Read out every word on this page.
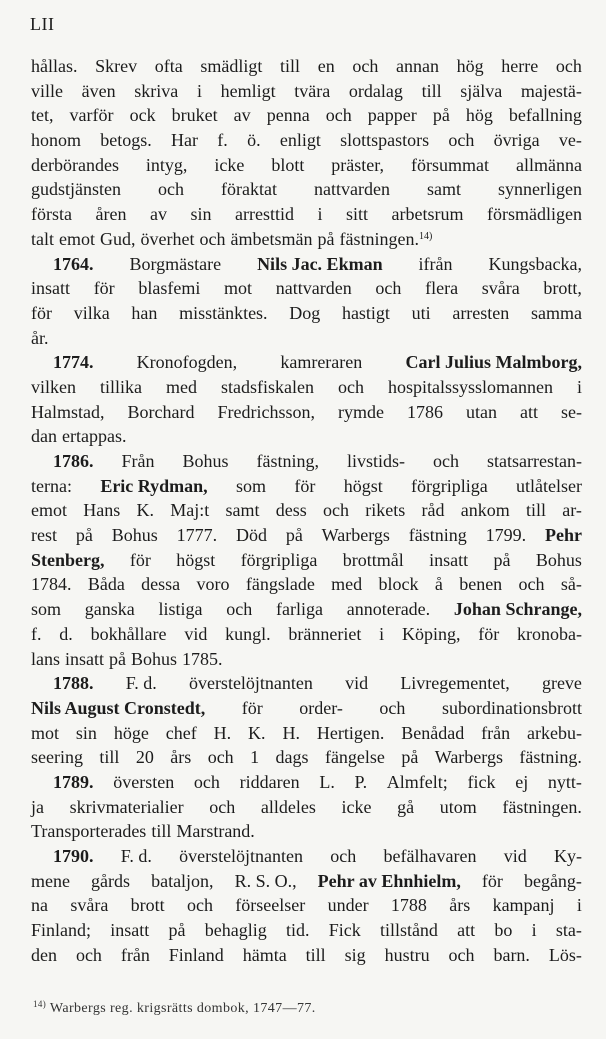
LII
hållas. Skrev ofta smädligt till en och annan hög herre och
ville även skriva i hemligt tvära ordalag till själva majestä-
tet, varför ock bruket av penna och papper på hög befallning
honom betogs. Har f. ö. enligt slottspastors och övriga ve-
derbörandes intyg, icke blott präster, försummat allmänna
gudstjänsten och föraktat nattvarden samt synnerligen
första åren av sin arresttid i sitt arbetsrum försmädligen
talt emot Gud, överhet och ämbetsmän på fästningen.$^{14)}$
1764. Borgmästare Nils Jac. Ekman ifrån Kungsbacka,
insatt för blasfemi mot nattvarden och flera svåra brott,
för vilka han misstänktes. Dog hastigt uti arresten samma
år.
1774. Kronofogden, kamreraren Carl Julius Malmborg,
vilken tillika med stadsfiskalen och hospitalssysslomannen i
Halmstad, Borchard Fredrichsson, rymde 1786 utan att se-
dan ertappas.
1786. Från Bohus fästning, livstids- och statsarrestan-
terna: Eric Rydman, som för högst förgripliga utlåtelser
emot Hans K. Maj:t samt dess och rikets råd ankom till ar-
rest på Bohus 1777. Död på Warbergs fästning 1799. Pehr
Stenberg, för högst förgripliga brottmål insatt på Bohus
1784. Båda dessa voro fängslade med block å benen och så-
som ganska listiga och farliga annoterade. Johan Schrange,
f. d. bokhållare vid kungl. bränneriet i Köping, för kronoba-
lans insatt på Bohus 1785.
1788. F. d. överstelöjtnanten vid Livregementet, greve
Nils August Cronstedt, för order- och subordinationsbrott
mot sin höge chef H. K. H. Hertigen. Benådad från arkebu-
seering till 20 års och 1 dags fängelse på Warbergs fästning.
1789. översten och riddaren L. P. Almfelt; fick ej nytt-
ja skrivmaterialier och alldeles icke gå utom fästningen.
Transporterades till Marstrand.
1790. F. d. överstelöjtnanten och befälhavaren vid Ky-
mene gårds bataljon, R. S. O., Pehr av Ehnhielm, för begång-
na svåra brott och förseelser under 1788 års kampanj i
Finland; insatt på behaglig tid. Fick tillstånd att bo i sta-
den och från Finland hämta till sig hustru och barn. Lös-
$^{14)}$ Warbergs reg. krigsrätts dombok, 1747—77.
